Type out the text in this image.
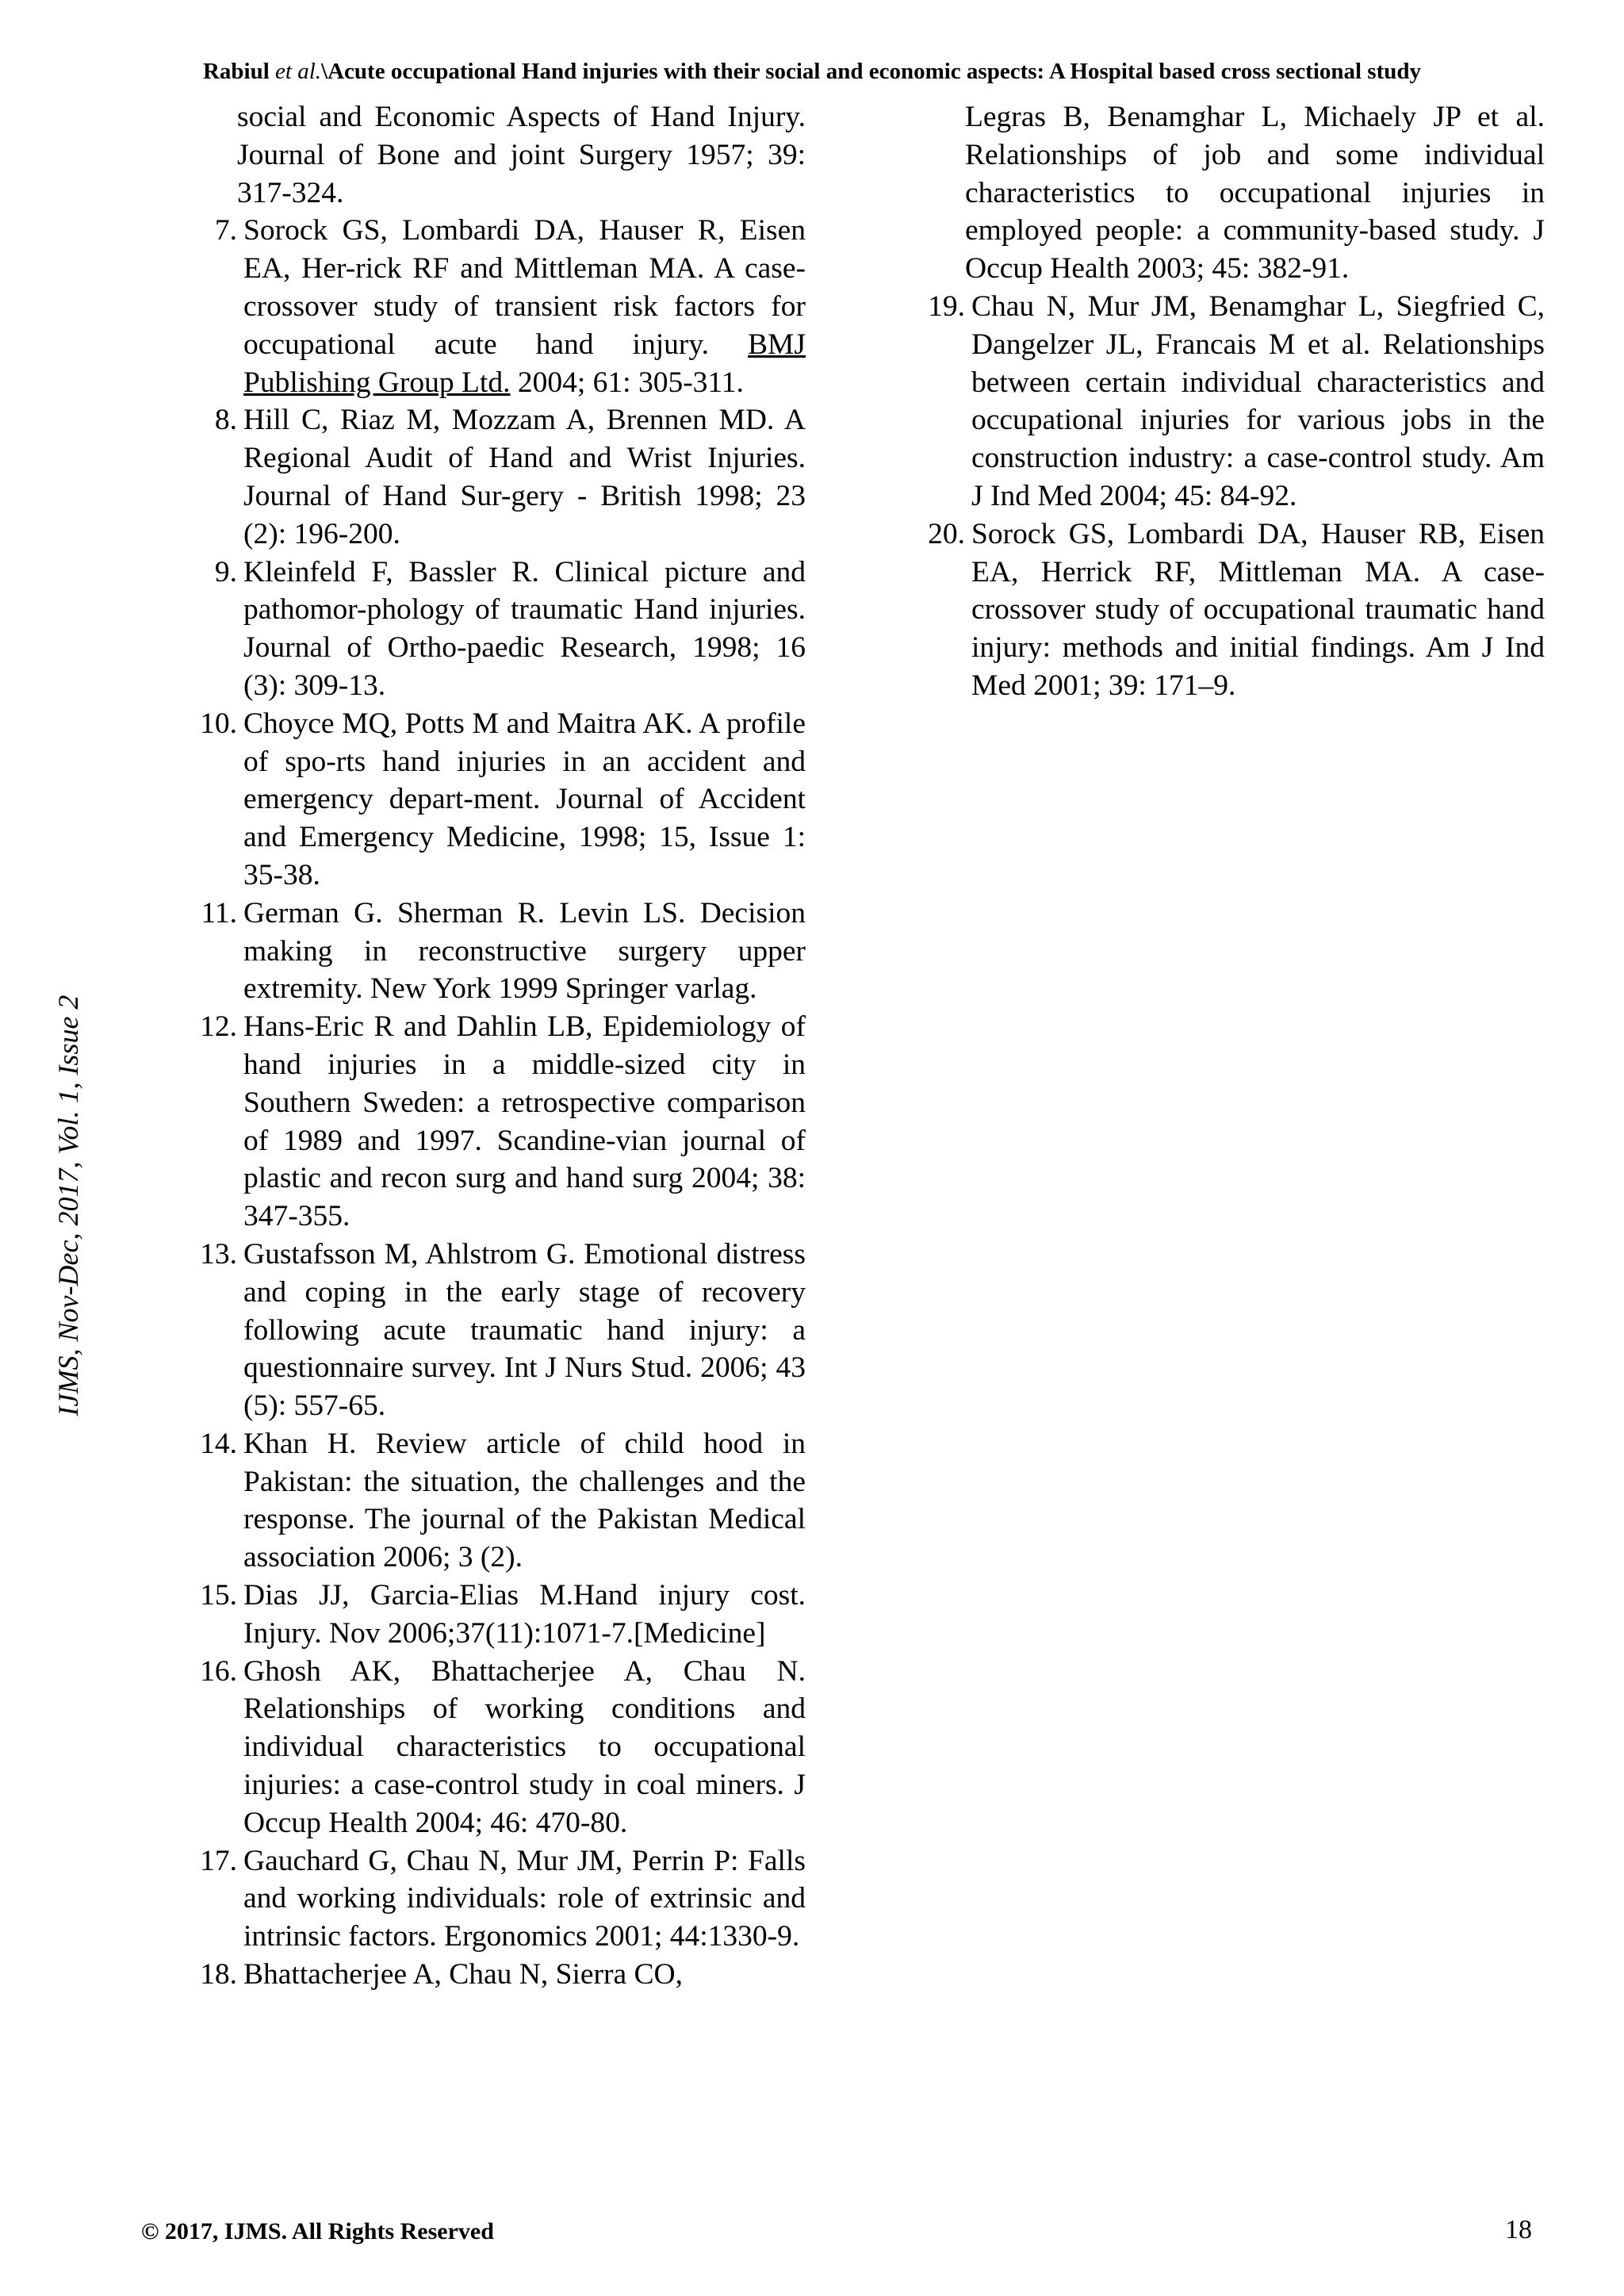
Rabiul et al.\Acute occupational Hand injuries with their social and economic aspects: A Hospital based cross sectional study
IJMS, Nov-Dec, 2017, Vol. 1, Issue 2
social and Economic Aspects of Hand Injury. Journal of Bone and joint Surgery 1957; 39: 317-324.
7. Sorock GS, Lombardi DA, Hauser R, Eisen EA, Her-rick RF and Mittleman MA. A case-crossover study of transient risk factors for occupational acute hand injury. BMJ Publishing Group Ltd. 2004; 61: 305-311.
8. Hill C, Riaz M, Mozzam A, Brennen MD. A Regional Audit of Hand and Wrist Injuries. Journal of Hand Sur-gery - British 1998; 23 (2): 196-200.
9. Kleinfeld F, Bassler R. Clinical picture and pathomor-phology of traumatic Hand injuries. Journal of Ortho-paedic Research, 1998; 16 (3): 309-13.
10. Choyce MQ, Potts M and Maitra AK. A profile of spo-rts hand injuries in an accident and emergency depart-ment. Journal of Accident and Emergency Medicine, 1998; 15, Issue 1: 35-38.
11. German G. Sherman R. Levin LS. Decision making in reconstructive surgery upper extremity. New York 1999 Springer varlag.
12. Hans-Eric R and Dahlin LB, Epidemiology of hand injuries in a middle-sized city in Southern Sweden: a retrospective comparison of 1989 and 1997. Scandine-vian journal of plastic and recon surg and hand surg 2004; 38: 347-355.
13. Gustafsson M, Ahlstrom G. Emotional distress and coping in the early stage of recovery following acute traumatic hand injury: a questionnaire survey. Int J Nurs Stud. 2006; 43 (5): 557-65.
14. Khan H. Review article of child hood in Pakistan: the situation, the challenges and the response. The journal of the Pakistan Medical association 2006; 3 (2).
15. Dias JJ, Garcia-Elias M.Hand injury cost. Injury. Nov 2006;37(11):1071-7.[Medicine]
16. Ghosh AK, Bhattacherjee A, Chau N. Relationships of working conditions and individual characteristics to occupational injuries: a case-control study in coal miners. J Occup Health 2004; 46: 470-80.
17. Gauchard G, Chau N, Mur JM, Perrin P: Falls and working individuals: role of extrinsic and intrinsic factors. Ergonomics 2001; 44:1330-9.
18. Bhattacherjee A, Chau N, Sierra CO,
Legras B, Benamghar L, Michaely JP et al. Relationships of job and some individual characteristics to occupational injuries in employed people: a community-based study. J Occup Health 2003; 45: 382-91.
19. Chau N, Mur JM, Benamghar L, Siegfried C, Dangelzer JL, Francais M et al. Relationships between certain individual characteristics and occupational injuries for various jobs in the construction industry: a case-control study. Am J Ind Med 2004; 45: 84-92.
20. Sorock GS, Lombardi DA, Hauser RB, Eisen EA, Herrick RF, Mittleman MA. A case-crossover study of occupational traumatic hand injury: methods and initial findings. Am J Ind Med 2001; 39: 171–9.
© 2017, IJMS. All Rights Reserved	18
